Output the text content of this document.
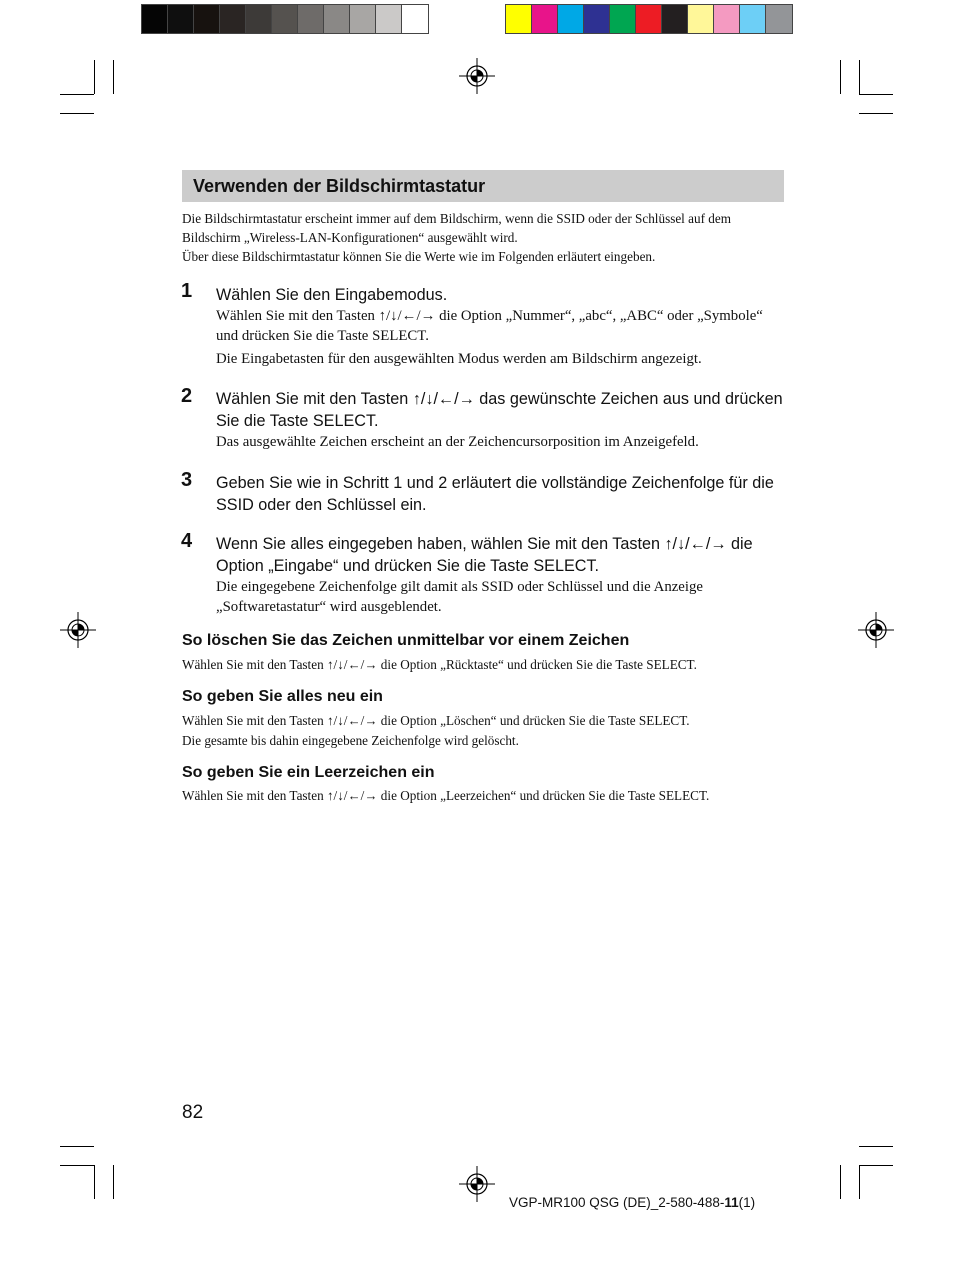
Verwenden der Bildschirmtastatur

Die Bildschirmtastatur erscheint immer auf dem Bildschirm, wenn die SSID oder der Schlüssel auf dem Bildschirm „Wireless-LAN-Konfigurationen“ ausgewählt wird.

Über diese Bildschirmtastatur können Sie die Werte wie im Folgenden erläutert eingeben.

1 Wählen Sie den Eingabemodus.

Wählen Sie mit den Tasten ↑/↓/←/→ die Option „Nummer“, „abc“, „ABC“ oder „Symbole“ und drücken Sie die Taste SELECT.

Die Eingabetasten für den ausgewählten Modus werden am Bildschirm angezeigt.

2 Wählen Sie mit den Tasten ↑/↓/←/→ das gewünschte Zeichen aus und drücken Sie die Taste SELECT.

Das ausgewählte Zeichen erscheint an der Zeichencursorposition im Anzeigefeld.

3 Geben Sie wie in Schritt 1 und 2 erläutert die vollständige Zeichenfolge für die SSID oder den Schlüssel ein.

4 Wenn Sie alles eingegeben haben, wählen Sie mit den Tasten ↑/↓/←/→ die Option „Eingabe“ und drücken Sie die Taste SELECT.

Die eingegebene Zeichenfolge gilt damit als SSID oder Schlüssel und die Anzeige „Softwaretastatur“ wird ausgeblendet.

So löschen Sie das Zeichen unmittelbar vor einem Zeichen

Wählen Sie mit den Tasten ↑/↓/←/→ die Option „Rücktaste“ und drücken Sie die Taste SELECT.

So geben Sie alles neu ein

Wählen Sie mit den Tasten ↑/↓/←/→ die Option „Löschen“ und drücken Sie die Taste SELECT.

Die gesamte bis dahin eingegebene Zeichenfolge wird gelöscht.

So geben Sie ein Leerzeichen ein

Wählen Sie mit den Tasten ↑/↓/←/→ die Option „Leerzeichen“ und drücken Sie die Taste SELECT.

82
VGP-MR100 QSG (DE)_2-580-488-11(1)
